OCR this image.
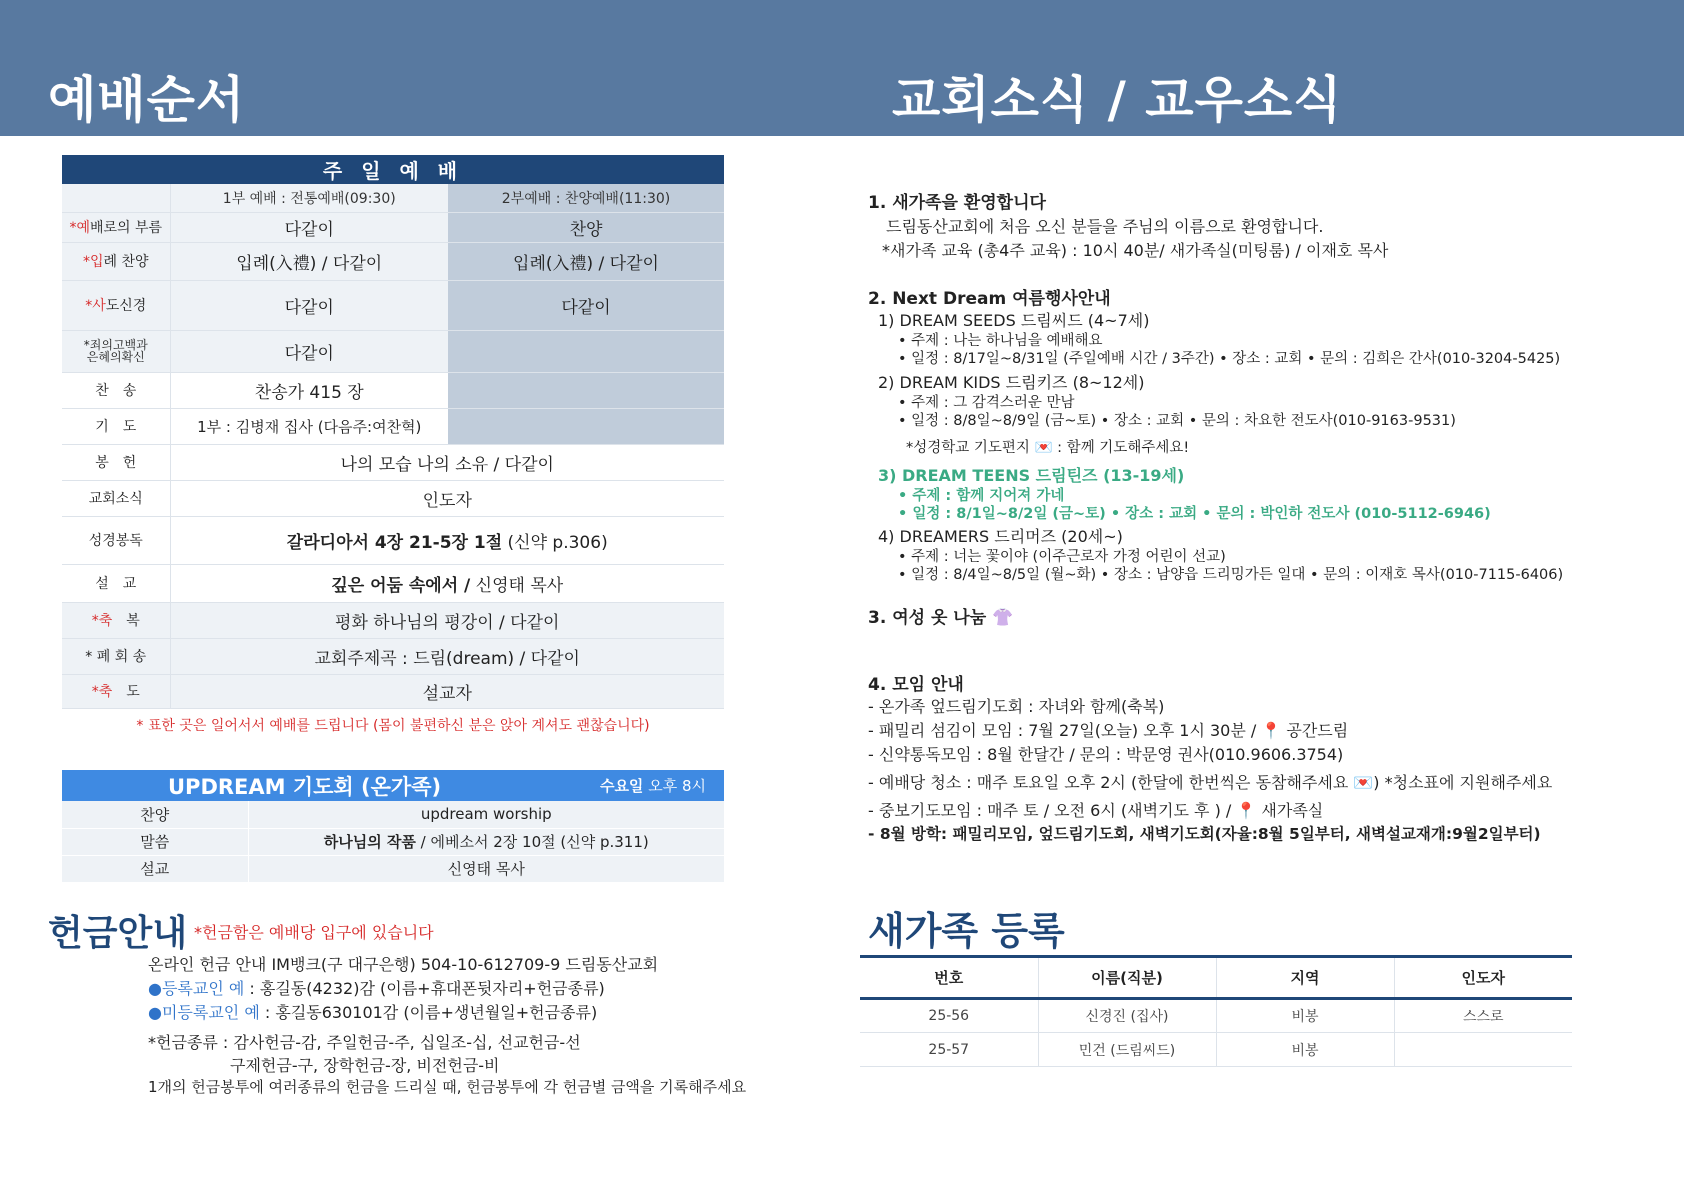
예배순서	교회소식 / 교우소식
주 일 예 배		
	1부 예배 : 전통예배(09:30)	2부예배 : 찬양예배(11:30)
*예배로의 부름	다같이	찬양
*입례 찬양	입례(入禮) / 다같이	입례(入禮) / 다같이
*사도신경	다같이	다같이

*죄의고백과
은혜의확신	다같이	
찬　송	찬송가 415 장	
기　도	1부 : 김병재 집사 (다음주:여찬혁)	
봉　헌	나의 모습 나의 소유 / 다같이	
교회소식	인도자	
성경봉독	갈라디아서 4장 21-5장 1절 (신약 p.306)	
설　교	깊은 어둠 속에서 / 신영태 목사	
*축　복	평화 하나님의 평강이 / 다같이	
* 폐 회 송	교회주제곡 : 드림(dream) / 다같이	
*축　도	설교자	
* 표한 곳은 일어서서 예배를 드립니다 (몸이 불편하신 분은 앉아 계셔도 괜찮습니다)

	UPDREAM 기도회 (온가족) 수요일 오후 8시

찬양	updream worship
말씀	하나님의 작품 / 에베소서 2장 10절 (신약 p.311)
설교	신영태 목사
헌금안내 *헌금함은 예배당 입구에 있습니다
온라인 헌금 안내 IM뱅크(구 대구은행) 504-10-612709-9 드림동산교회
●등록교인 예 : 홍길동(4232)감 (이름+휴대폰뒷자리+헌금종류)
●미등록교인 예 : 홍길동630101감 (이름+생년월일+헌금종류)
*헌금종류 : 감사헌금-감, 주일헌금-주, 십일조-십, 선교헌금-선
구제헌금-구, 장학헌금-장, 비전헌금-비
1개의 헌금봉투에 여러종류의 헌금을 드리실 때, 헌금봉투에 각 헌금별 금액을 기록해주세요
1. 새가족을 환영합니다
드림동산교회에 처음 오신 분들을 주님의 이름으로 환영합니다.
*새가족 교육 (총4주 교육) : 10시 40분/ 새가족실(미팅룸) / 이재호 목사
2. Next Dream 여름행사안내
1) DREAM SEEDS 드림씨드 (4~7세)
• 주제 : 나는 하나님을 예배해요
• 일정 : 8/17일~8/31일 (주일예배 시간 / 3주간) • 장소 : 교회 • 문의 : 김희은 간사(010-3204-5425)
2) DREAM KIDS 드림키즈 (8~12세)
• 주제 : 그 감격스러운 만남
• 일정 : 8/8일~8/9일 (금~토) • 장소 : 교회 • 문의 : 차요한 전도사(010-9163-9531)
*성경학교 기도편지 💌 : 함께 기도해주세요!
3) DREAM TEENS 드림틴즈 (13-19세)
• 주제 : 함께 지어져 가네
• 일정 : 8/1일~8/2일 (금~토) • 장소 : 교회 • 문의 : 박인하 전도사 (010-5112-6946)
4) DREAMERS 드리머즈 (20세~)
• 주제 : 너는 꽃이야 (이주근로자 가정 어린이 선교)
• 일정 : 8/4일~8/5일 (월~화) • 장소 : 남양읍 드리밍가든 일대 • 문의 : 이재호 목사(010-7115-6406)
3. 여성 옷 나눔 👚
4. 모임 안내
- 온가족 엎드림기도회 : 자녀와 함께(축복)
- 패밀리 섬김이 모임 : 7월 27일(오늘) 오후 1시 30분 / 📍 공간드림
- 신약통독모임 : 8월 한달간 / 문의 : 박문영 권사(010.9606.3754)
- 예배당 청소 : 매주 토요일 오후 2시 (한달에 한번씩은 동참해주세요 💌) *청소표에 지원해주세요
- 중보기도모임 : 매주 토 / 오전 6시 (새벽기도 후 ) / 📍 새가족실
- 8월 방학: 패밀리모임, 엎드림기도회, 새벽기도회(자율:8월 5일부터, 새벽설교재개:9월2일부터)
새가족 등록
번호	이름(직분)	지역	인도자
25-56	신경진 (집사)	비봉	스스로
25-57	민건 (드림씨드)	비봉	
